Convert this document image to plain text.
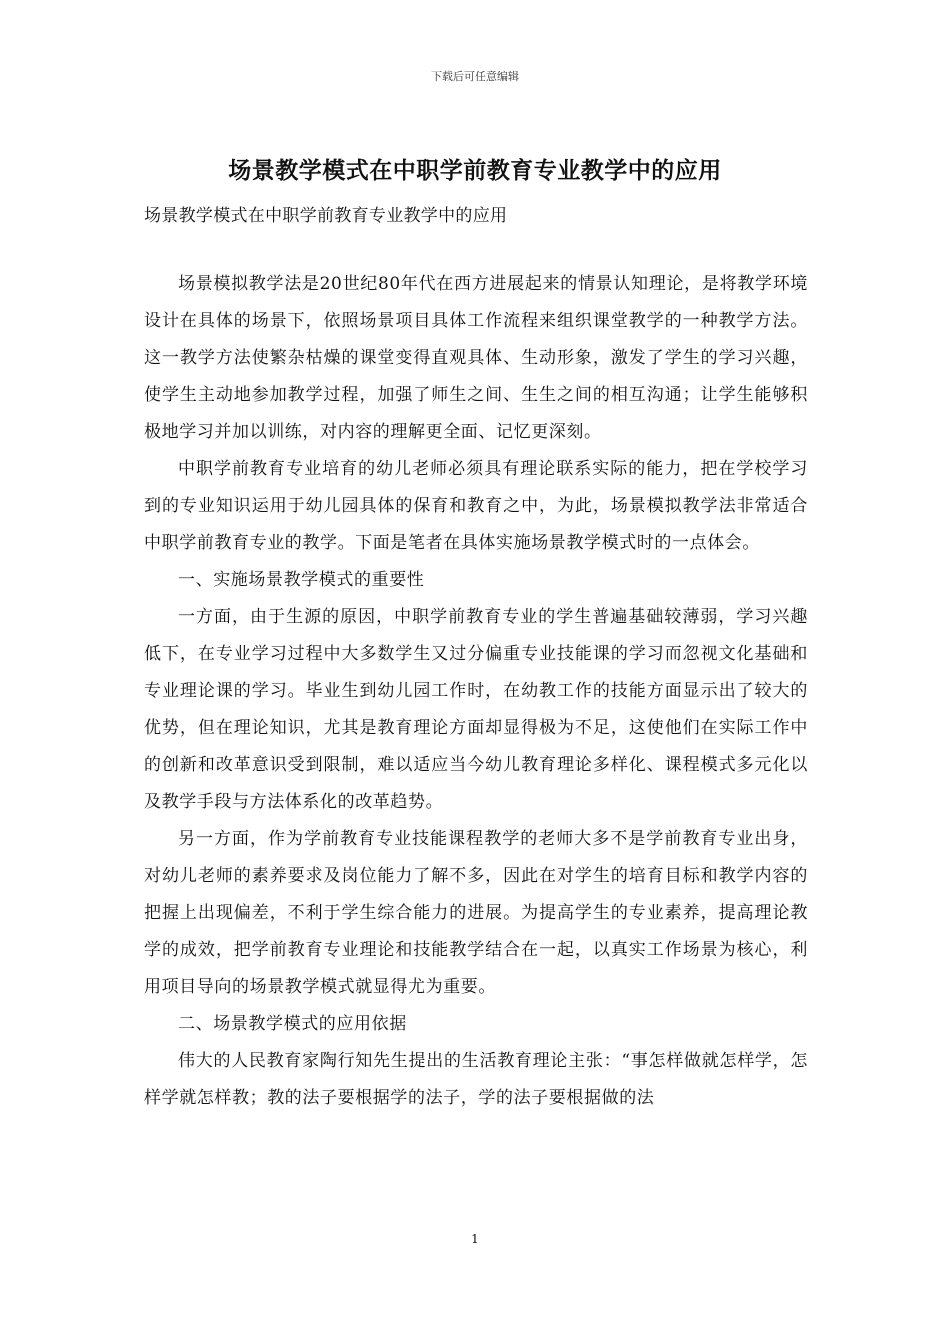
下载后可任意编辑
场景教学模式在中职学前教育专业教学中的应用
场景教学模式在中职学前教育专业教学中的应用

场景模拟教学法是20世纪80年代在西方进展起来的情景认知理论，是将教学环境设计在具体的场景下，依照场景项目具体工作流程来组织课堂教学的一种教学方法。这一教学方法使繁杂枯燥的课堂变得直观具体、生动形象，激发了学生的学习兴趣，使学生主动地参加教学过程，加强了师生之间、生生之间的相互沟通；让学生能够积极地学习并加以训练，对内容的理解更全面、记忆更深刻。

中职学前教育专业培育的幼儿老师必须具有理论联系实际的能力，把在学校学习到的专业知识运用于幼儿园具体的保育和教育之中，为此，场景模拟教学法非常适合中职学前教育专业的教学。下面是笔者在具体实施场景教学模式时的一点体会。

一、实施场景教学模式的重要性

一方面，由于生源的原因，中职学前教育专业的学生普遍基础较薄弱，学习兴趣低下，在专业学习过程中大多数学生又过分偏重专业技能课的学习而忽视文化基础和专业理论课的学习。毕业生到幼儿园工作时，在幼教工作的技能方面显示出了较大的优势，但在理论知识，尤其是教育理论方面却显得极为不足，这使他们在实际工作中的创新和改革意识受到限制，难以适应当今幼儿教育理论多样化、课程模式多元化以及教学手段与方法体系化的改革趋势。

另一方面，作为学前教育专业技能课程教学的老师大多不是学前教育专业出身，对幼儿老师的素养要求及岗位能力了解不多，因此在对学生的培育目标和教学内容的把握上出现偏差，不利于学生综合能力的进展。为提高学生的专业素养，提高理论教学的成效，把学前教育专业理论和技能教学结合在一起，以真实工作场景为核心，利用项目导向的场景教学模式就显得尤为重要。

二、场景教学模式的应用依据

伟大的人民教育家陶行知先生提出的生活教育理论主张：“事怎样做就怎样学，怎样学就怎样教；教的法子要根据学的法子，学的法子要根据做的法

1
